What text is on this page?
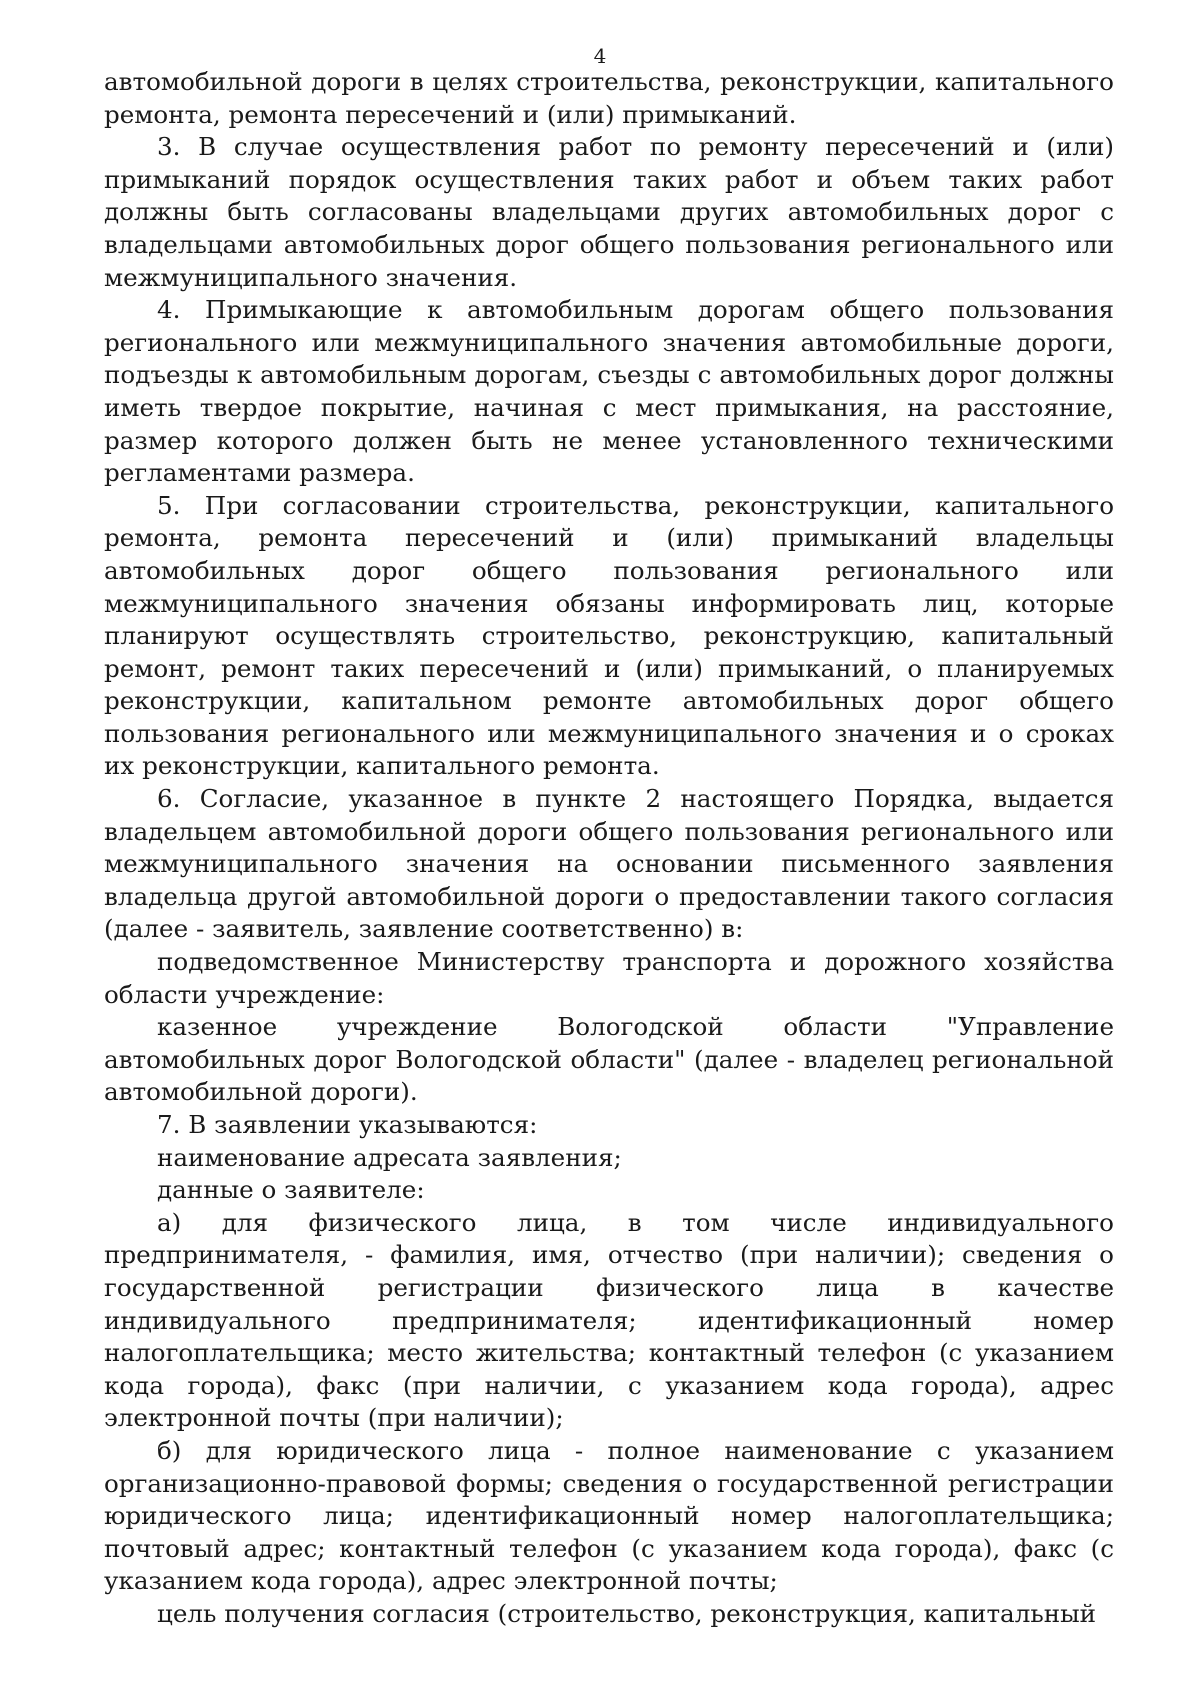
4

автомобильной дороги в целях строительства, реконструкции, капитального ремонта, ремонта пересечений и (или) примыканий.

3. В случае осуществления работ по ремонту пересечений и (или) примыканий порядок осуществления таких работ и объем таких работ должны быть согласованы владельцами других автомобильных дорог с владельцами автомобильных дорог общего пользования регионального или межмуниципального значения.

4. Примыкающие к автомобильным дорогам общего пользования регионального или межмуниципального значения автомобильные дороги, подъезды к автомобильным дорогам, съезды с автомобильных дорог должны иметь твердое покрытие, начиная с мест примыкания, на расстояние, размер которого должен быть не менее установленного техническими регламентами размера.

5. При согласовании строительства, реконструкции, капитального ремонта, ремонта пересечений и (или) примыканий владельцы автомобильных дорог общего пользования регионального или межмуниципального значения обязаны информировать лиц, которые планируют осуществлять строительство, реконструкцию, капитальный ремонт, ремонт таких пересечений и (или) примыканий, о планируемых реконструкции, капитальном ремонте автомобильных дорог общего пользования регионального или межмуниципального значения и о сроках их реконструкции, капитального ремонта.

6. Согласие, указанное в пункте 2 настоящего Порядка, выдается владельцем автомобильной дороги общего пользования регионального или межмуниципального значения на основании письменного заявления владельца другой автомобильной дороги о предоставлении такого согласия (далее - заявитель, заявление соответственно) в:

подведомственное Министерству транспорта и дорожного хозяйства области учреждение:

казенное учреждение Вологодской области "Управление автомобильных дорог Вологодской области" (далее - владелец региональной автомобильной дороги).

7. В заявлении указываются:

наименование адресата заявления;

данные о заявителе:

а) для физического лица, в том числе индивидуального предпринимателя, - фамилия, имя, отчество (при наличии); сведения о государственной регистрации физического лица в качестве индивидуального предпринимателя; идентификационный номер налогоплательщика; место жительства; контактный телефон (с указанием кода города), факс (при наличии, с указанием кода города), адрес электронной почты (при наличии);

б) для юридического лица - полное наименование с указанием организационно-правовой формы; сведения о государственной регистрации юридического лица; идентификационный номер налогоплательщика; почтовый адрес; контактный телефон (с указанием кода города), факс (с указанием кода города), адрес электронной почты;

цель получения согласия (строительство, реконструкция, капитальный
